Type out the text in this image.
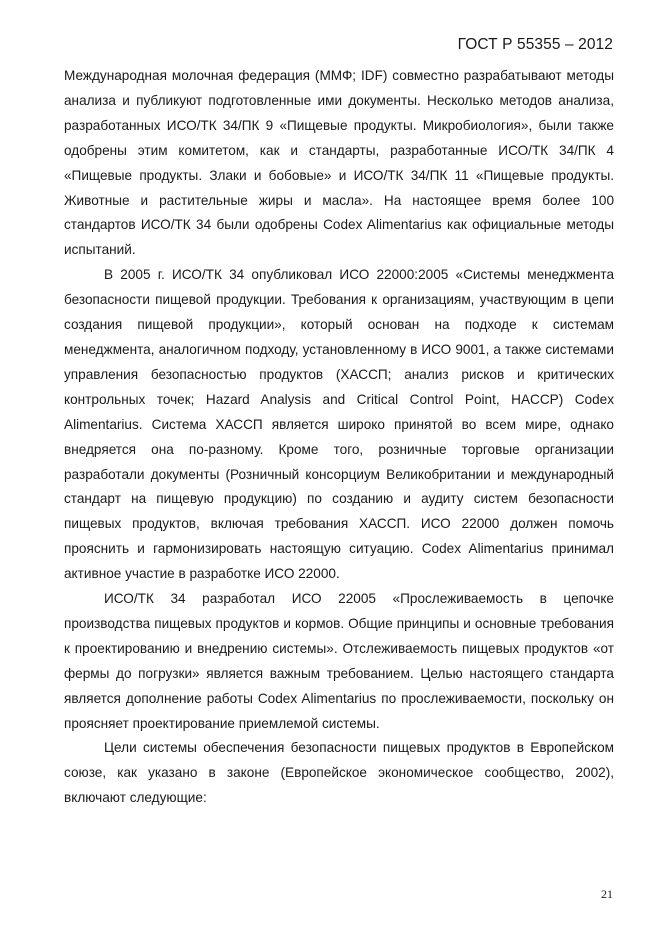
ГОСТ Р 55355 – 2012

Международная молочная федерация (ММФ; IDF) совместно разрабатывают методы анализа и публикуют подготовленные ими документы. Несколько методов анализа, разработанных ИСО/ТК 34/ПК 9 «Пищевые продукты. Микробиология», были также одобрены этим комитетом, как и стандарты, разработанные ИСО/ТК 34/ПК 4 «Пищевые продукты. Злаки и бобовые» и ИСО/ТК 34/ПК 11 «Пищевые продукты. Животные и растительные жиры и масла». На настоящее время более 100 стандартов ИСО/ТК 34 были одобрены Codex Alimentarius как официальные методы испытаний.

В 2005 г. ИСО/ТК 34 опубликовал ИСО 22000:2005 «Системы менеджмента безопасности пищевой продукции. Требования к организациям, участвующим в цепи создания пищевой продукции», который основан на подходе к системам менеджмента, аналогичном подходу, установленному в ИСО 9001, а также системами управления безопасностью продуктов (ХАССП; анализ рисков и критических контрольных точек; Hazard Analysis and Critical Control Point, HACCP) Codex Alimentarius. Система ХАССП является широко принятой во всем мире, однако внедряется она по-разному. Кроме того, розничные торговые организации разработали документы (Розничный консорциум Великобритании и международный стандарт на пищевую продукцию) по созданию и аудиту систем безопасности пищевых продуктов, включая требования ХАССП. ИСО 22000 должен помочь прояснить и гармонизировать настоящую ситуацию. Codex Alimentarius принимал активное участие в разработке ИСО 22000.

ИСО/ТК 34 разработал ИСО 22005 «Прослеживаемость в цепочке производства пищевых продуктов и кормов. Общие принципы и основные требования к проектированию и внедрению системы». Отслеживаемость пищевых продуктов «от фермы до погрузки» является важным требованием. Целью настоящего стандарта является дополнение работы Codex Alimentarius по прослеживаемости, поскольку он проясняет проектирование приемлемой системы.

Цели системы обеспечения безопасности пищевых продуктов в Европейском союзе, как указано в законе (Европейское экономическое сообщество, 2002), включают следующие:

21
